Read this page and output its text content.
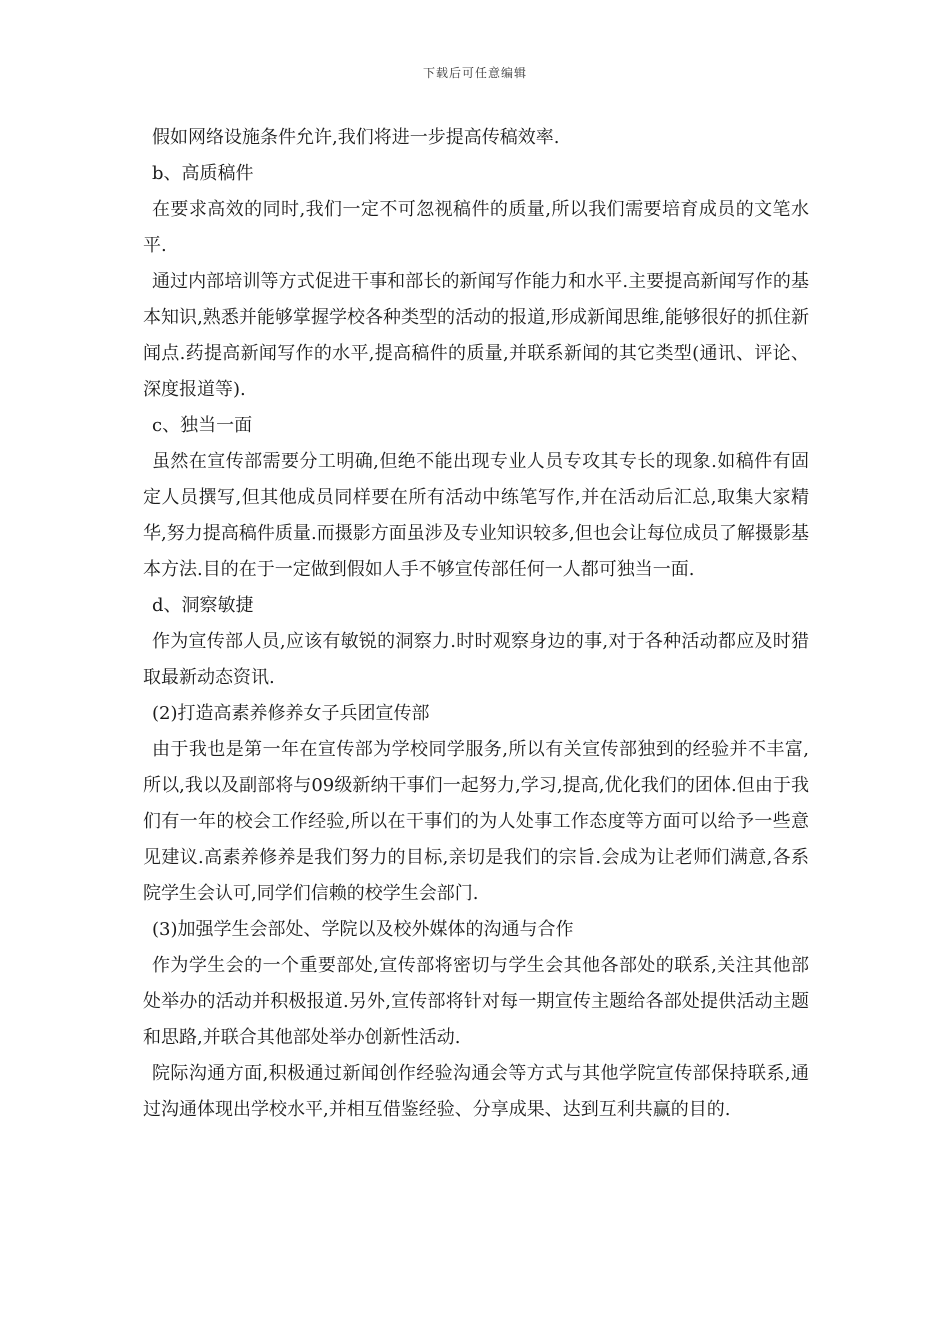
下载后可任意编辑

假如网络设施条件允许,我们将进一步提高传稿效率.

b、高质稿件

在要求高效的同时,我们一定不可忽视稿件的质量,所以我们需要培育成员的文笔水平.

通过内部培训等方式促进干事和部长的新闻写作能力和水平.主要提高新闻写作的基本知识,熟悉并能够掌握学校各种类型的活动的报道,形成新闻思维,能够很好的抓住新闻点.药提高新闻写作的水平,提高稿件的质量,并联系新闻的其它类型(通讯、评论、深度报道等).

c、独当一面

虽然在宣传部需要分工明确,但绝不能出现专业人员专攻其专长的现象.如稿件有固定人员撰写,但其他成员同样要在所有活动中练笔写作,并在活动后汇总,取集大家精华,努力提高稿件质量.而摄影方面虽涉及专业知识较多,但也会让每位成员了解摄影基本方法.目的在于一定做到假如人手不够宣传部任何一人都可独当一面.

d、洞察敏捷

作为宣传部人员,应该有敏锐的洞察力.时时观察身边的事,对于各种活动都应及时猎取最新动态资讯.

(2)打造高素养修养女子兵团宣传部

由于我也是第一年在宣传部为学校同学服务,所以有关宣传部独到的经验并不丰富,所以,我以及副部将与09级新纳干事们一起努力,学习,提高,优化我们的团体.但由于我们有一年的校会工作经验,所以在干事们的为人处事工作态度等方面可以给予一些意见建议.高素养修养是我们努力的目标,亲切是我们的宗旨.会成为让老师们满意,各系院学生会认可,同学们信赖的校学生会部门.

(3)加强学生会部处、学院以及校外媒体的沟通与合作

作为学生会的一个重要部处,宣传部将密切与学生会其他各部处的联系,关注其他部处举办的活动并积极报道.另外,宣传部将针对每一期宣传主题给各部处提供活动主题和思路,并联合其他部处举办创新性活动.

院际沟通方面,积极通过新闻创作经验沟通会等方式与其他学院宣传部保持联系,通过沟通体现出学校水平,并相互借鉴经验、分享成果、达到互利共赢的目的.
